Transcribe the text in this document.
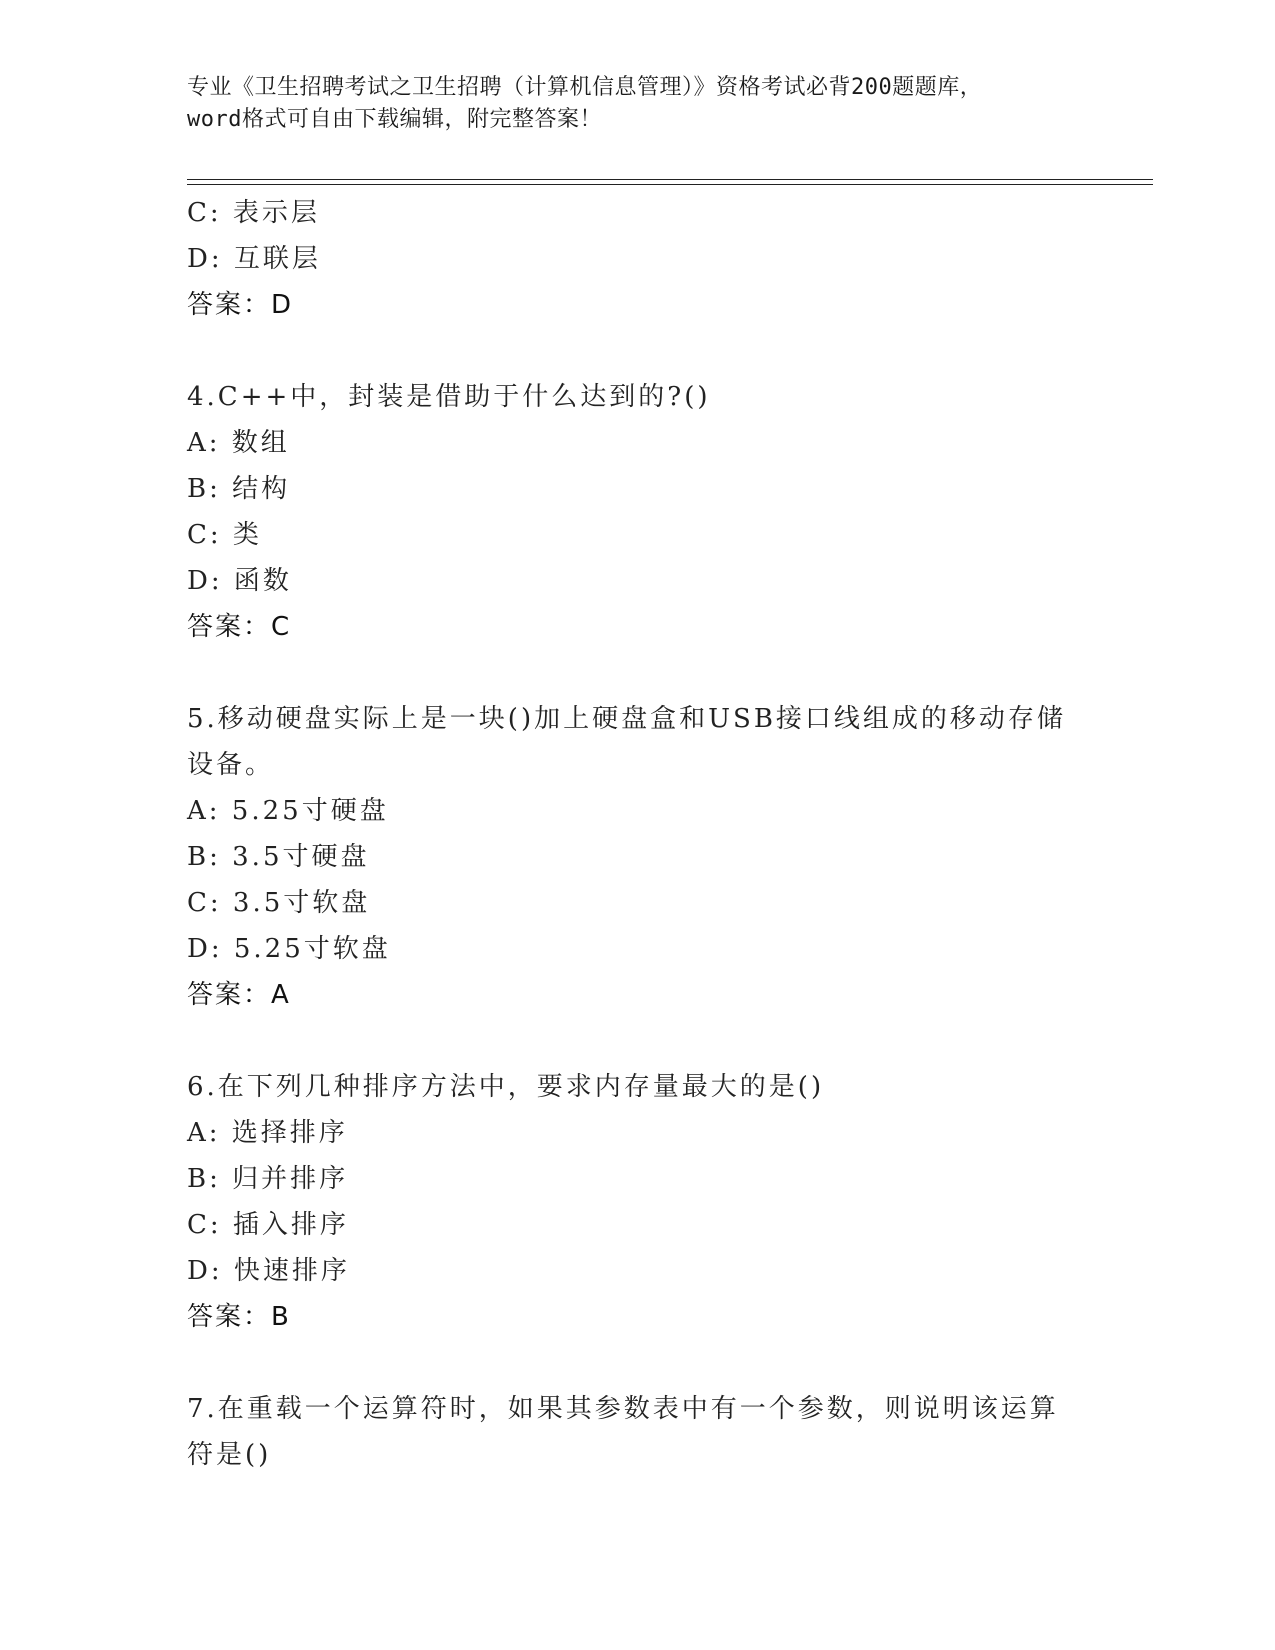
专业《卫生招聘考试之卫生招聘（计算机信息管理）》资格考试必背200题题库，
word格式可自由下载编辑，附完整答案！
C: 表示层
D: 互联层
答案：D
4.C++中，封装是借助于什么达到的?()
A: 数组
B: 结构
C: 类
D: 函数
答案：C
5.移动硬盘实际上是一块()加上硬盘盒和USB接口线组成的移动存储
设备。
A: 5.25寸硬盘
B: 3.5寸硬盘
C: 3.5寸软盘
D: 5.25寸软盘
答案：A
6.在下列几种排序方法中，要求内存量最大的是()
A: 选择排序
B: 归并排序
C: 插入排序
D: 快速排序
答案：B
7.在重载一个运算符时，如果其参数表中有一个参数，则说明该运算
符是()
